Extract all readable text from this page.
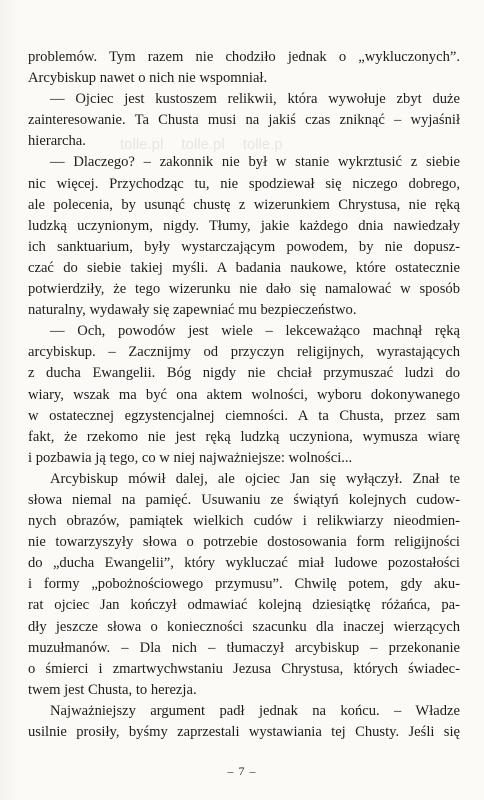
tolle.pl tolle.pl tolle.p
problemów. Tym razem nie chodziło jednak o „wykluczonych”.
Arcybiskup nawet o nich nie wspomniał.
— Ojciec jest kustoszem relikwii, która wywołuje zbyt duże
zainteresowanie. Ta Chusta musi na jakiś czas zniknąć – wyjaśnił
hierarcha.
— Dlaczego? – zakonnik nie był w stanie wykrztusić z siebie
nic więcej. Przychodząc tu, nie spodziewał się niczego dobrego,
ale polecenia, by usunąć chustę z wizerunkiem Chrystusa, nie ręką
ludzką uczynionym, nigdy. Tłumy, jakie każdego dnia nawiedzały
ich sanktuarium, były wystarczającym powodem, by nie dopusz-
czać do siebie takiej myśli. A badania naukowe, które ostatecznie
potwierdziły, że tego wizerunku nie dało się namalować w sposób
naturalny, wydawały się zapewniać mu bezpieczeństwo.
— Och, powodów jest wiele – lekceważąco machnął ręką
arcybiskup. – Zacznijmy od przyczyn religijnych, wyrastających
z ducha Ewangelii. Bóg nigdy nie chciał przymuszać ludzi do
wiary, wszak ma być ona aktem wolności, wyboru dokonywanego
w ostatecznej egzystencjalnej ciemności. A ta Chusta, przez sam
fakt, że rzekomo nie jest ręką ludzką uczyniona, wymusza wiarę
i pozbawia ją tego, co w niej najważniejsze: wolności...
Arcybiskup mówił dalej, ale ojciec Jan się wyłączył. Znał te
słowa niemal na pamięć. Usuwaniu ze świątyń kolejnych cudow-
nych obrazów, pamiątek wielkich cudów i relikwiarzy nieodmien-
nie towarzyszyły słowa o potrzebie dostosowania form religijności
do „ducha Ewangelii”, który wykluczać miał ludowe pozostałości
i formy „pobożnościowego przymusu”. Chwilę potem, gdy aku-
rat ojciec Jan kończył odmawiać kolejną dziesiątkę różańca, pa-
dły jeszcze słowa o konieczności szacunku dla inaczej wierzących
muzułmanów. – Dla nich – tłumaczył arcybiskup – przekonanie
o śmierci i zmartwychwstaniu Jezusa Chrystusa, których świadec-
twem jest Chusta, to herezja.
Najważniejszy argument padł jednak na końcu. – Władze
usilnie prosiły, byśmy zaprzestali wystawiania tej Chusty. Jeśli się
– 7 –
